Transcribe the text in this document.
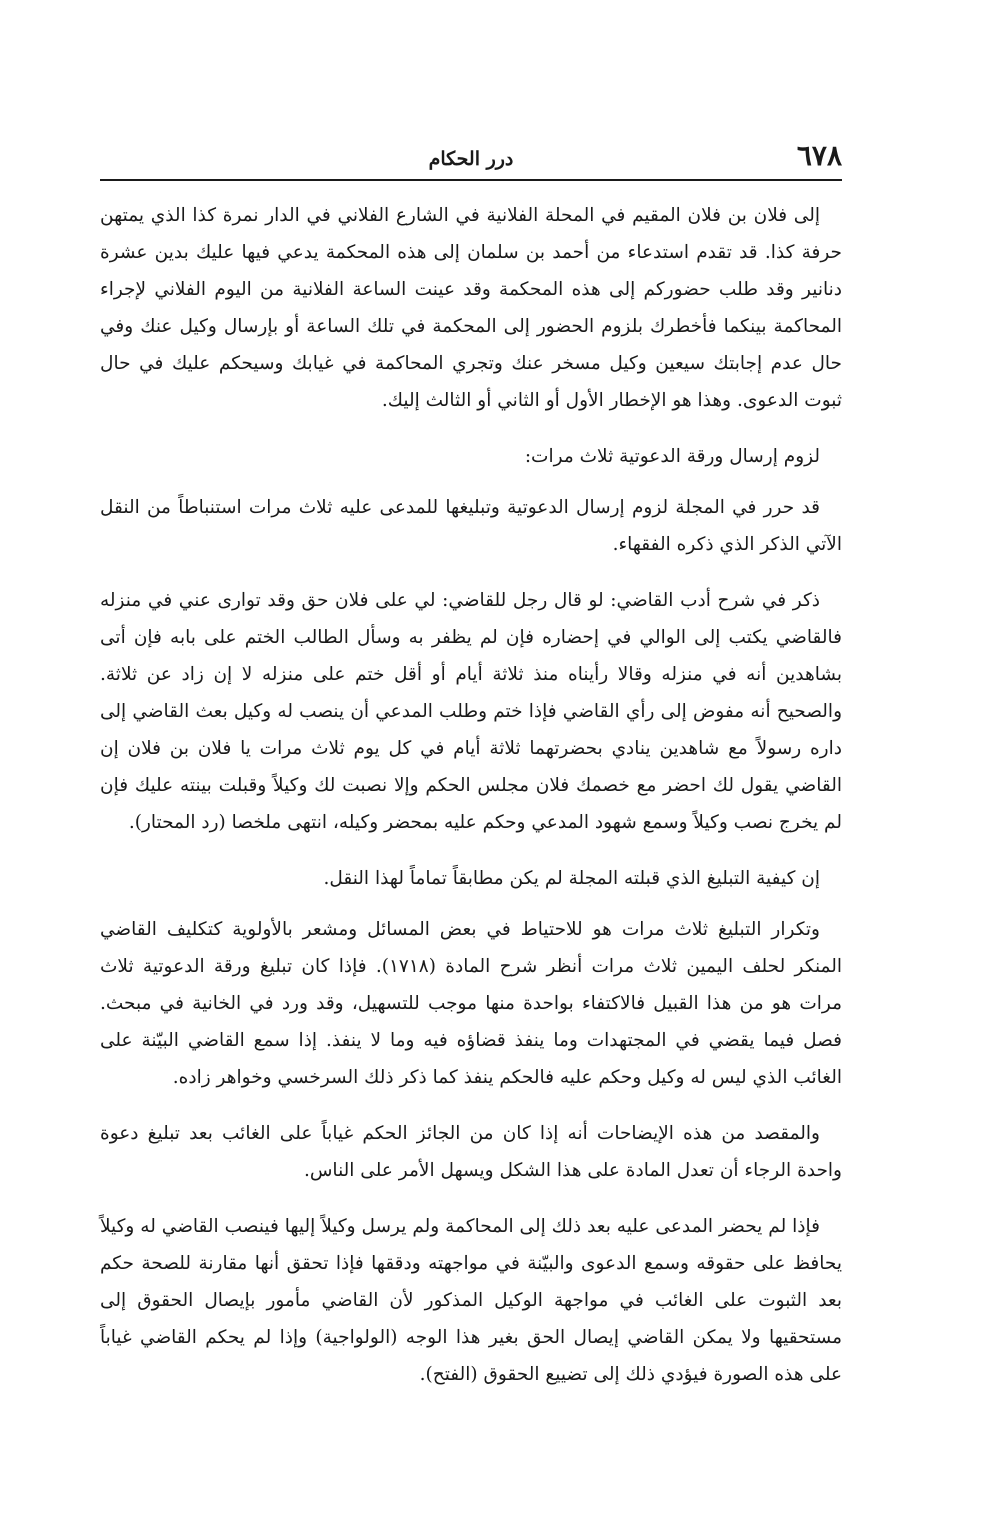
٦٧٨
درر الحكام

إلى فلان بن فلان المقيم في المحلة الفلانية في الشارع الفلاني في الدار نمرة كذا الذي يمتهن حرفة كذا. قد تقدم استدعاء من أحمد بن سلمان إلى هذه المحكمة يدعي فيها عليك بدين عشرة دنانير وقد طلب حضوركم إلى هذه المحكمة وقد عينت الساعة الفلانية من اليوم الفلاني لإجراء المحاكمة بينكما فأخطرك بلزوم الحضور إلى المحكمة في تلك الساعة أو بإرسال وكيل عنك وفي حال عدم إجابتك سيعين وكيل مسخر عنك وتجري المحاكمة في غيابك وسيحكم عليك في حال ثبوت الدعوى. وهذا هو الإخطار الأول أو الثاني أو الثالث إليك.

لزوم إرسال ورقة الدعوتية ثلاث مرات:

قد حرر في المجلة لزوم إرسال الدعوتية وتبليغها للمدعى عليه ثلاث مرات استنباطاً من النقل الآتي الذكر الذي ذكره الفقهاء.

ذكر في شرح أدب القاضي: لو قال رجل للقاضي: لي على فلان حق وقد توارى عني في منزله فالقاضي يكتب إلى الوالي في إحضاره فإن لم يظفر به وسأل الطالب الختم على بابه فإن أتى بشاهدين أنه في منزله وقالا رأيناه منذ ثلاثة أيام أو أقل ختم على منزله لا إن زاد عن ثلاثة. والصحيح أنه مفوض إلى رأي القاضي فإذا ختم وطلب المدعي أن ينصب له وكيل بعث القاضي إلى داره رسولاً مع شاهدين ينادي بحضرتهما ثلاثة أيام في كل يوم ثلاث مرات يا فلان بن فلان إن القاضي يقول لك احضر مع خصمك فلان مجلس الحكم وإلا نصبت لك وكيلاً وقبلت بينته عليك فإن لم يخرج نصب وكيلاً وسمع شهود المدعي وحكم عليه بمحضر وكيله، انتهى ملخصا (رد المحتار).

إن كيفية التبليغ الذي قبلته المجلة لم يكن مطابقاً تماماً لهذا النقل.

وتكرار التبليغ ثلاث مرات هو للاحتياط في بعض المسائل ومشعر بالأولوية كتكليف القاضي المنكر لحلف اليمين ثلاث مرات أنظر شرح المادة (١٧١٨). فإذا كان تبليغ ورقة الدعوتية ثلاث مرات هو من هذا القبيل فالاكتفاء بواحدة منها موجب للتسهيل، وقد ورد في الخانية في مبحث. فصل فيما يقضي في المجتهدات وما ينفذ قضاؤه فيه وما لا ينفذ. إذا سمع القاضي البيّنة على الغائب الذي ليس له وكيل وحكم عليه فالحكم ينفذ كما ذكر ذلك السرخسي وخواهر زاده.

والمقصد من هذه الإيضاحات أنه إذا كان من الجائز الحكم غياباً على الغائب بعد تبليغ دعوة واحدة الرجاء أن تعدل المادة على هذا الشكل ويسهل الأمر على الناس.

فإذا لم يحضر المدعى عليه بعد ذلك إلى المحاكمة ولم يرسل وكيلاً إليها فينصب القاضي له وكيلاً يحافظ على حقوقه وسمع الدعوى والبيّنة في مواجهته ودققها فإذا تحقق أنها مقارنة للصحة حكم بعد الثبوت على الغائب في مواجهة الوكيل المذكور لأن القاضي مأمور بإيصال الحقوق إلى مستحقيها ولا يمكن القاضي إيصال الحق بغير هذا الوجه (الولواجية) وإذا لم يحكم القاضي غياباً على هذه الصورة فيؤدي ذلك إلى تضييع الحقوق (الفتح).
